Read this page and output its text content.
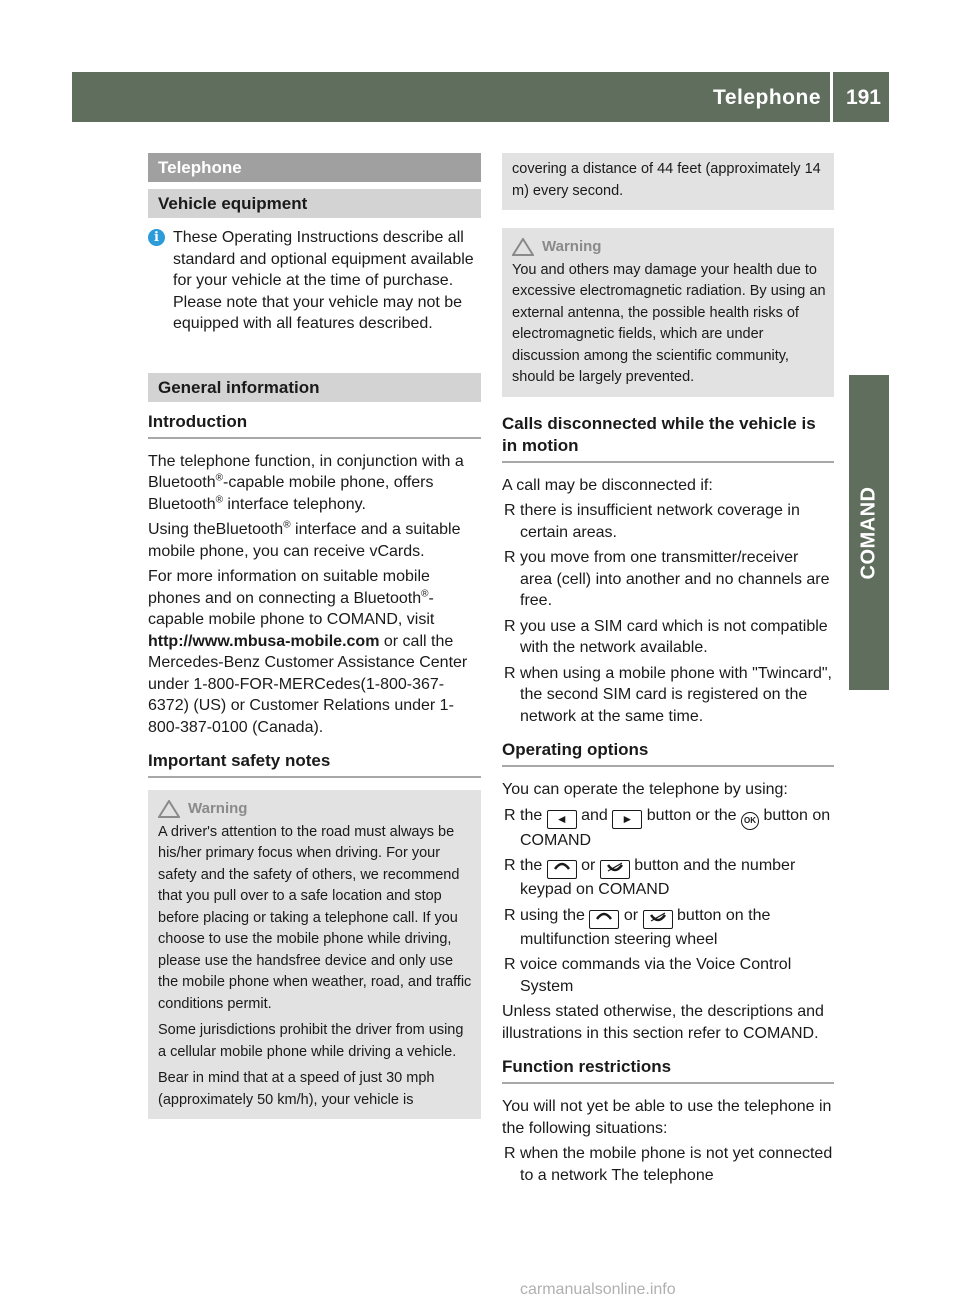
Telephone 191
COMAND
Telephone
Vehicle equipment
i These Operating Instructions describe all standard and optional equipment available for your vehicle at the time of purchase. Please note that your vehicle may not be equipped with all features described.
General information
Introduction

The telephone function, in conjunction with a Bluetooth®-capable mobile phone, offers Bluetooth® interface telephony.

Using theBluetooth® interface and a suitable mobile phone, you can receive vCards.

For more information on suitable mobile phones and on connecting a Bluetooth®-capable mobile phone to COMAND, visit http://www.mbusa-mobile.com or call the Mercedes-Benz Customer Assistance Center under 1-800-FOR-MERCedes(1-800-367-6372) (US) or Customer Relations under 1-800-387-0100 (Canada).

Important safety notes
Warning

A driver's attention to the road must always be his/her primary focus when driving. For your safety and the safety of others, we recommend that you pull over to a safe location and stop before placing or taking a telephone call. If you choose to use the mobile phone while driving, please use the handsfree device and only use the mobile phone when weather, road, and traffic conditions permit.

Some jurisdictions prohibit the driver from using a cellular mobile phone while driving a vehicle.

Bear in mind that at a speed of just 30 mph (approximately 50 km/h), your vehicle is

covering a distance of 44 feet (approximately 14 m) every second.

Warning

You and others may damage your health due to excessive electromagnetic radiation. By using an external antenna, the possible health risks of electromagnetic fields, which are under discussion among the scientific community, should be largely prevented.

Calls disconnected while the vehicle is in motion

A call may be disconnected if:

R there is insufficient network coverage in certain areas.
R you move from one transmitter/receiver area (cell) into another and no channels are free.
R you use a SIM card which is not compatible with the network available.
R when using a mobile phone with "Twincard", the second SIM card is registered on the network at the same time.
Operating options

You can operate the telephone by using:

R the ◄ and ► button or the OK button on COMAND
R the  or  button and the number keypad on COMAND
R using the  or  button on the multifunction steering wheel
R voice commands via the Voice Control System

Unless stated otherwise, the descriptions and illustrations in this section refer to COMAND.

Function restrictions

You will not yet be able to use the telephone in the following situations:

R when the mobile phone is not yet connected to a network The telephone
carmanualsonline.info
